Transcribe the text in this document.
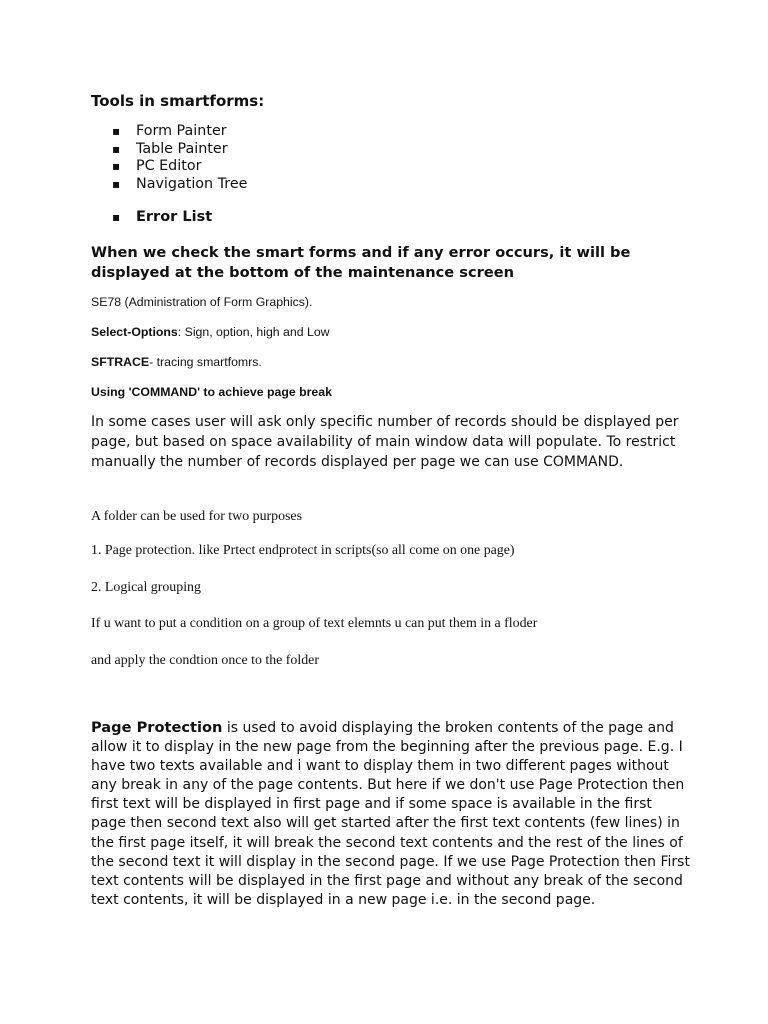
Tools in smartforms:
▪ Form Painter
▪ Table Painter
▪ PC Editor
▪ Navigation Tree
▪ Error List

When we check the smart forms and if any error occurs, it will be displayed at the bottom of the maintenance screen

SE78 (Administration of Form Graphics).

Select-Options: Sign, option, high and Low

SFTRACE- tracing smartfomrs.

Using 'COMMAND' to achieve page break

In some cases user will ask only specific number of records should be displayed per page, but based on space availability of main window data will populate. To restrict manually the number of records displayed per page we can use COMMAND.

A folder can be used for two purposes

1. Page protection. like Prtect endprotect in scripts(so all come on one page)

2. Logical grouping

If u want to put a condition on a group of text elemnts u can put them in a floder

and apply the condtion once to the folder

Page Protection is used to avoid displaying the broken contents of the page and allow it to display in the new page from the beginning after the previous page. E.g. I have two texts available and i want to display them in two different pages without any break in any of the page contents. But here if we don't use Page Protection then first text will be displayed in first page and if some space is available in the first page then second text also will get started after the first text contents (few lines) in the first page itself, it will break the second text contents and the rest of the lines of the second text it will display in the second page. If we use Page Protection then First text contents will be displayed in the first page and without any break of the second text contents, it will be displayed in a new page i.e. in the second page.
